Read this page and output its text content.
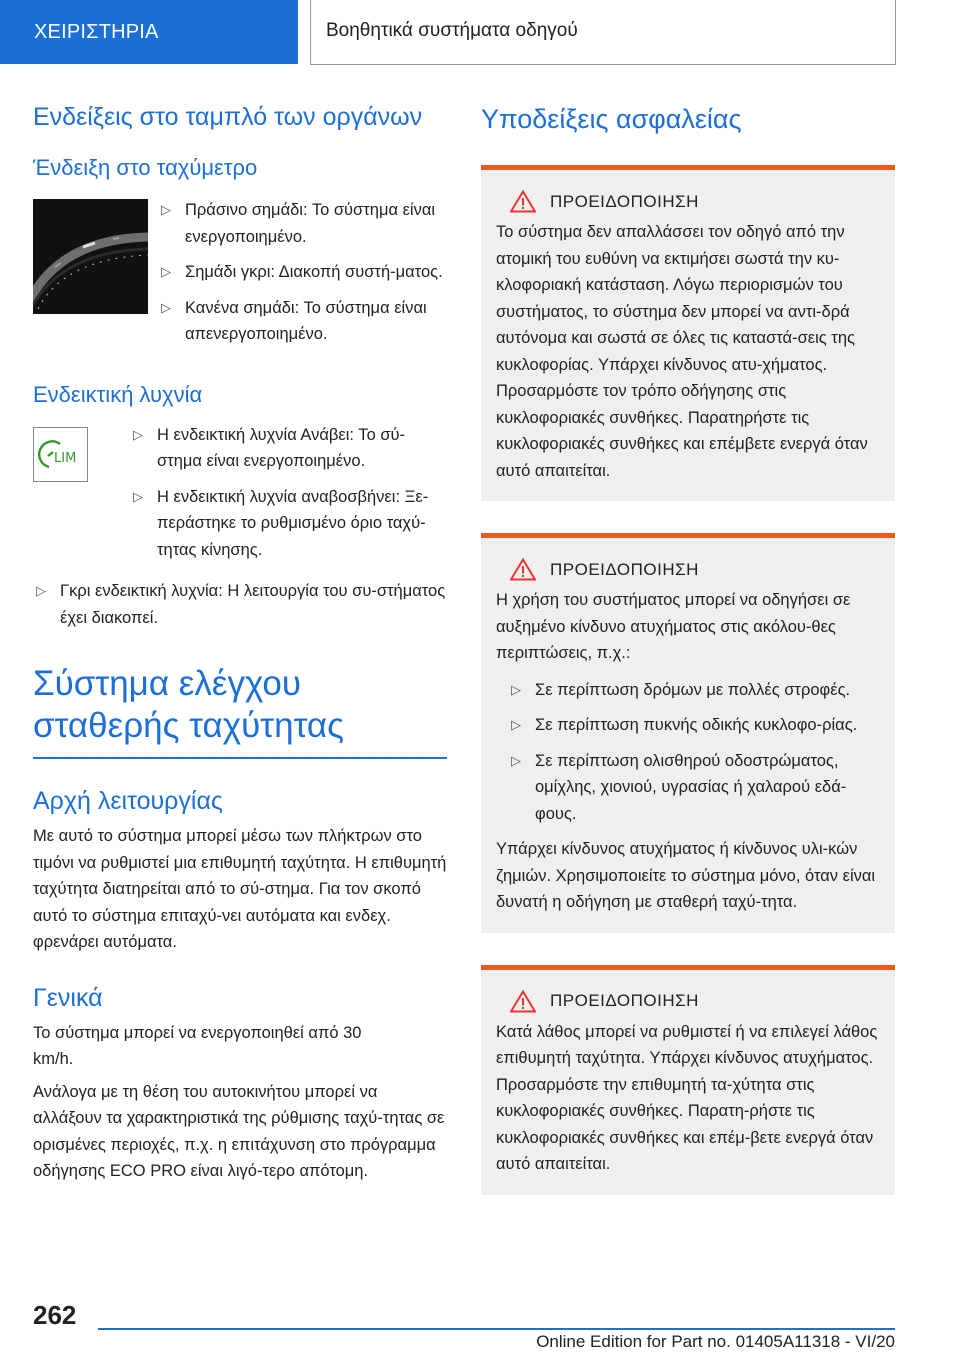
ΧΕΙΡΙΣΤΗΡΙΑ	Βοηθητικά συστήματα οδηγού
Ενδείξεις στο ταμπλό των οργάνων
Ένδειξη στο ταχύμετρο
▷ Πράσινο σημάδι: Το σύστημα είναι ενεργοποιημένο.
▷ Σημάδι γκρι: Διακοπή συστή-ματος.
▷ Κανένα σημάδι: Το σύστημα είναι απενεργοποιημένο.
Ενδεικτική λυχνία
LIM
▷ Η ενδεικτική λυχνία Ανάβει: Το σύ-στημα είναι ενεργοποιημένο.
▷ Η ενδεικτική λυχνία αναβοσβήνει: Ξε-περάστηκε το ρυθμισμένο όριο ταχύ-τητας κίνησης.
▷ Γκρι ενδεικτική λυχνία: Η λειτουργία του συ-στήματος έχει διακοπεί.
Σύστημα ελέγχου σταθερής ταχύτητας
Αρχή λειτουργίας

Με αυτό το σύστημα μπορεί μέσω των πλήκτρων στο τιμόνι να ρυθμιστεί μια επιθυμητή ταχύτητα. Η επιθυμητή ταχύτητα διατηρείται από το σύ-στημα. Για τον σκοπό αυτό το σύστημα επιταχύ-νει αυτόματα και ενδεχ. φρενάρει αυτόματα.

Γενικά

Το σύστημα μπορεί να ενεργοποιηθεί από 30 km/h.

Ανάλογα με τη θέση του αυτοκινήτου μπορεί να αλλάξουν τα χαρακτηριστικά της ρύθμισης ταχύ-τητας σε ορισμένες περιοχές, π.χ. η επιτάχυνση στο πρόγραμμα οδήγησης ECO PRO είναι λιγό-τερο απότομη.

Υποδείξεις ασφαλείας
ΠΡΟΕΙΔΟΠΟΙΗΣΗ

Το σύστημα δεν απαλλάσσει τον οδηγό από την ατομική του ευθύνη να εκτιμήσει σωστά την κυ-κλοφοριακή κατάσταση. Λόγω περιορισμών του συστήματος, το σύστημα δεν μπορεί να αντι-δρά αυτόνομα και σωστά σε όλες τις καταστά-σεις της κυκλοφορίας. Υπάρχει κίνδυνος ατυ-χήματος. Προσαρμόστε τον τρόπο οδήγησης στις κυκλοφοριακές συνθήκες. Παρατηρήστε τις κυκλοφοριακές συνθήκες και επέμβετε ενεργά όταν αυτό απαιτείται.

ΠΡΟΕΙΔΟΠΟΙΗΣΗ

Η χρήση του συστήματος μπορεί να οδηγήσει σε αυξημένο κίνδυνο ατυχήματος στις ακόλου-θες περιπτώσεις, π.χ.:

▷ Σε περίπτωση δρόμων με πολλές στροφές.
▷ Σε περίπτωση πυκνής οδικής κυκλοφο-ρίας.
▷ Σε περίπτωση ολισθηρού οδοστρώματος, ομίχλης, χιονιού, υγρασίας ή χαλαρού εδά-φους.

Υπάρχει κίνδυνος ατυχήματος ή κίνδυνος υλι-κών ζημιών. Χρησιμοποιείτε το σύστημα μόνο, όταν είναι δυνατή η οδήγηση με σταθερή ταχύ-τητα.

ΠΡΟΕΙΔΟΠΟΙΗΣΗ

Κατά λάθος μπορεί να ρυθμιστεί ή να επιλεγεί λάθος επιθυμητή ταχύτητα. Υπάρχει κίνδυνος ατυχήματος. Προσαρμόστε την επιθυμητή τα-χύτητα στις κυκλοφοριακές συνθήκες. Παρατη-ρήστε τις κυκλοφοριακές συνθήκες και επέμ-βετε ενεργά όταν αυτό απαιτείται.

262
Online Edition for Part no. 01405A11318 - VI/20
